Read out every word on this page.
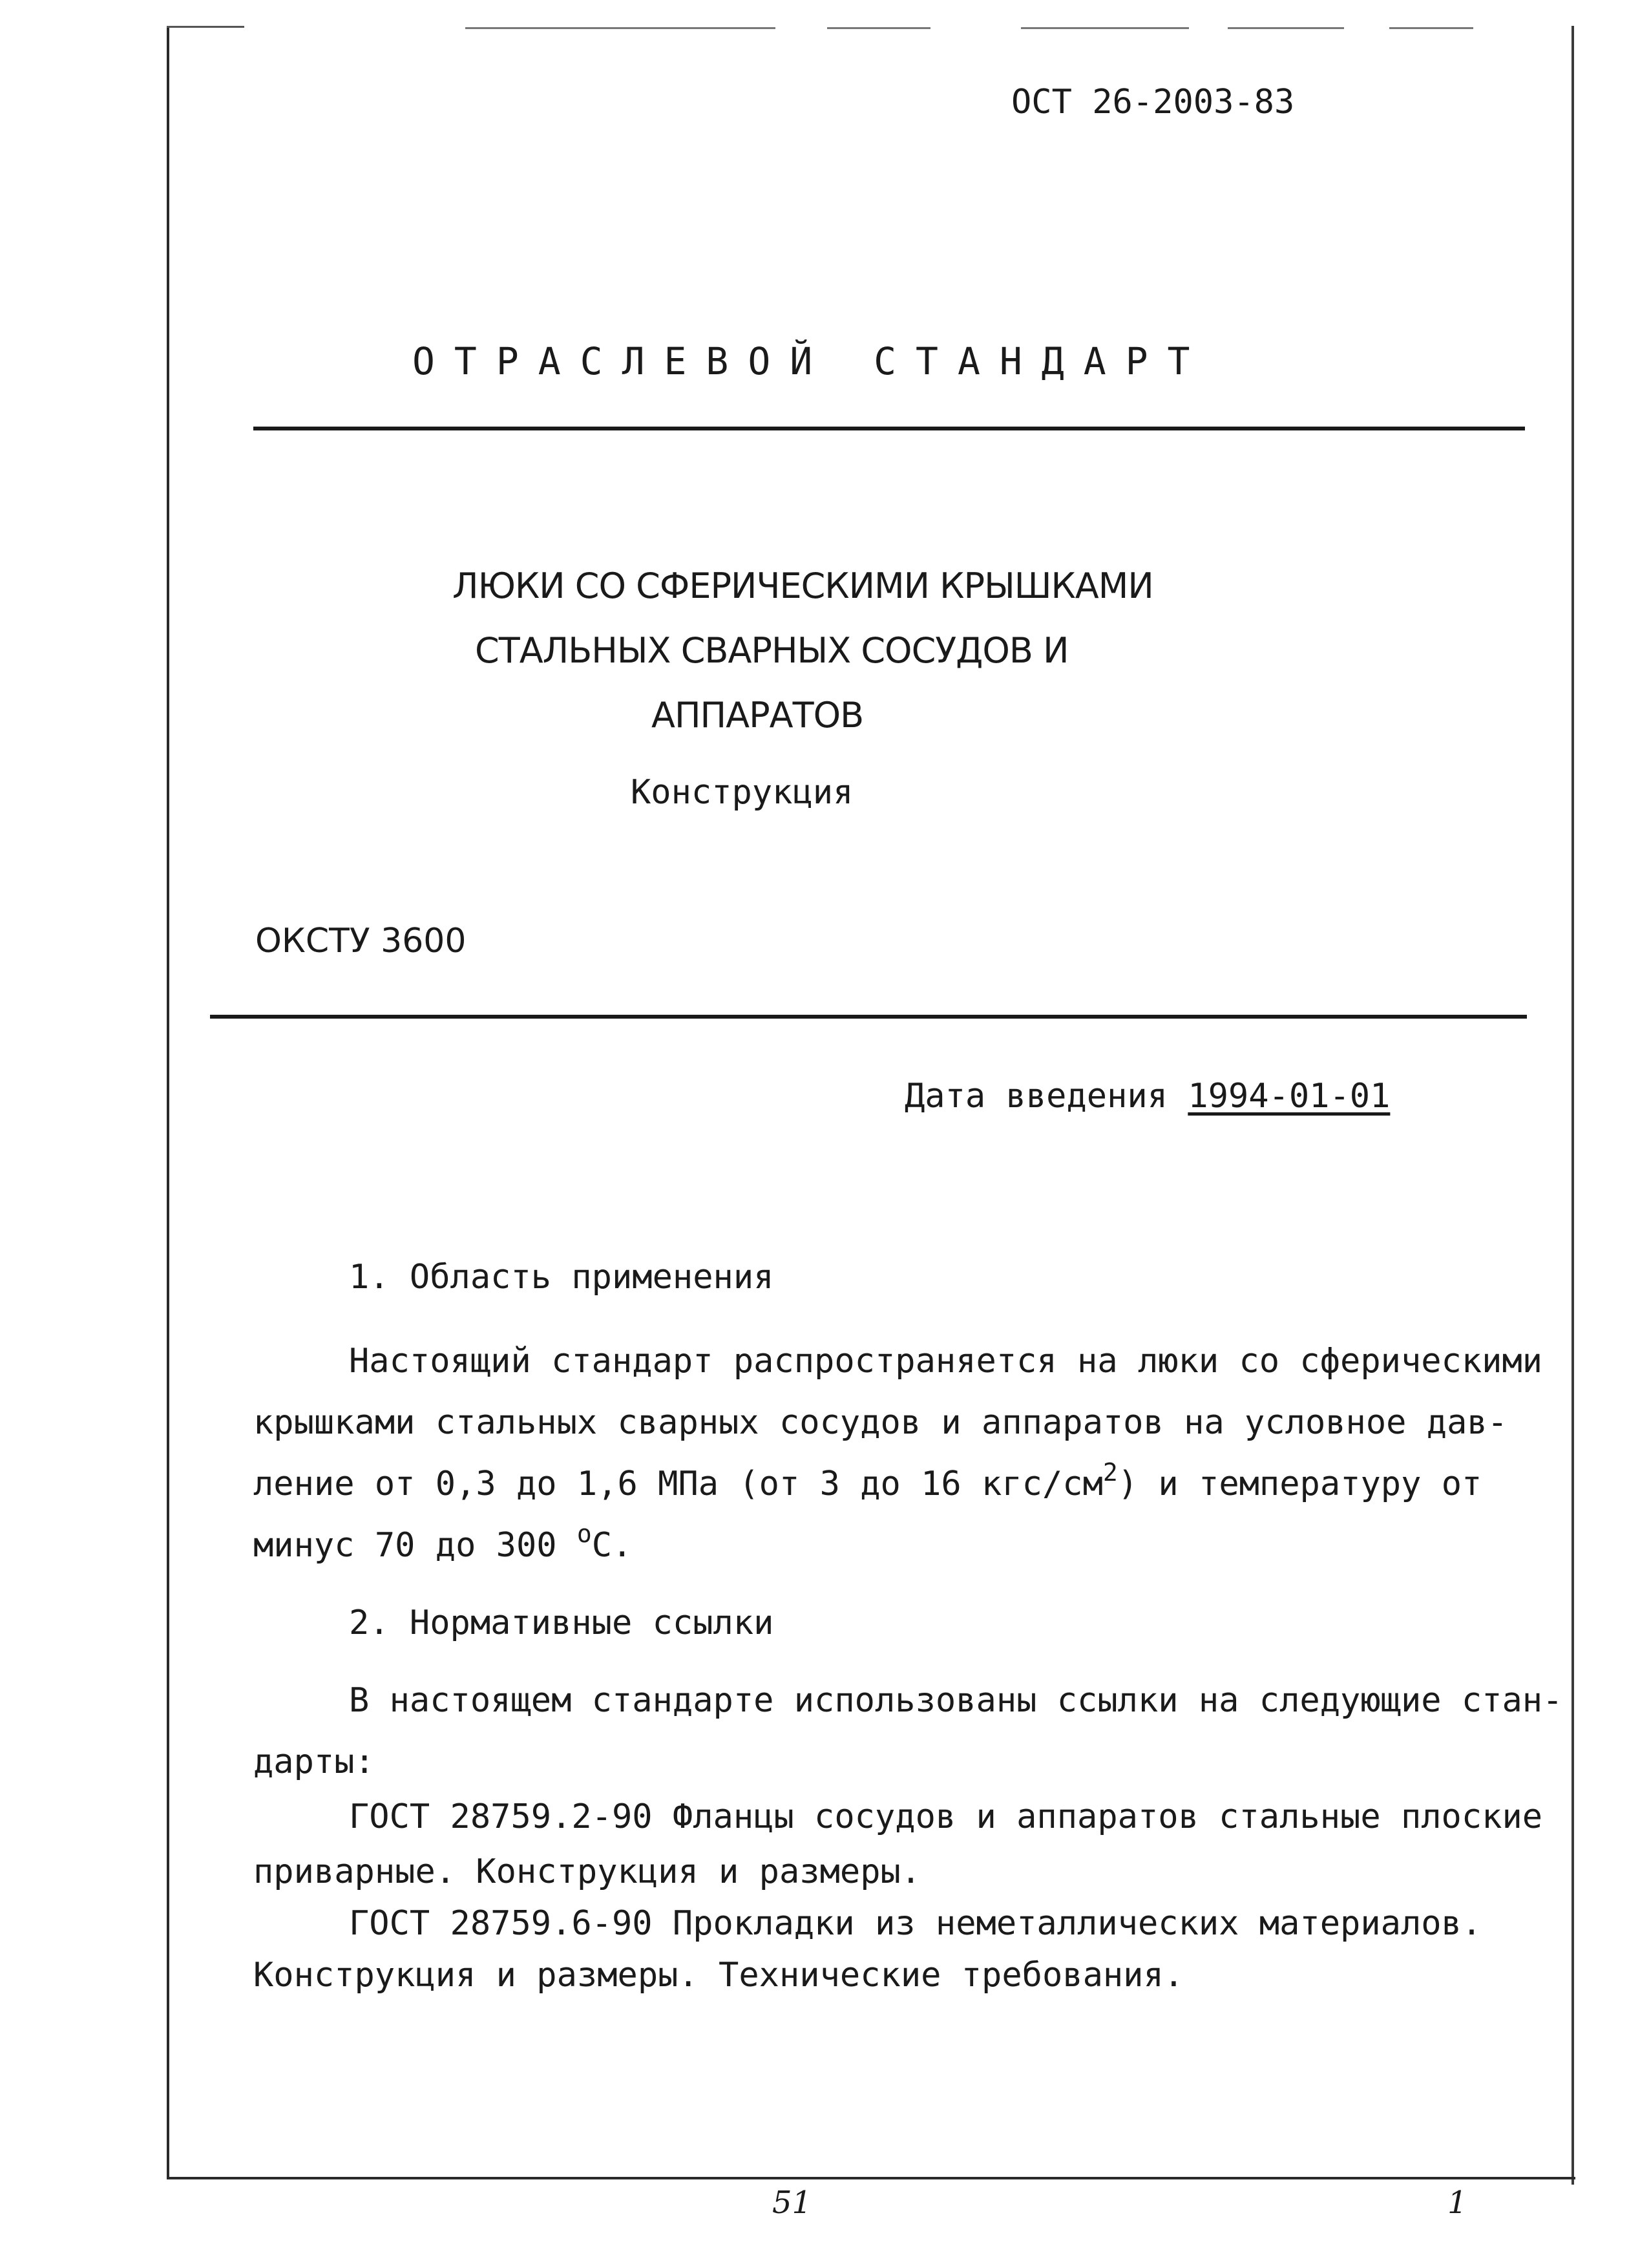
ОСТ 26-2003-83
ОТРАСЛЕВОЙ СТАНДАРТ
ЛЮКИ СО СФЕРИЧЕСКИМИ КРЫШКАМИ
СТАЛЬНЫХ СВАРНЫХ СОСУДОВ И
АППАРАТОВ
Конструкция
ОКСТУ 3600
Дата введения 1994-01-01
1. Область применения
Настоящий стандарт распространяется на люки со сферическими
крышками стальных сварных сосудов и аппаратов на условное дав-
ление от 0,3 до 1,6 МПа (от 3 до 16 кгс/$см^2$) и температуру от
минус 70 до 300 $^о$С.
2. Нормативные ссылки
В настоящем стандарте использованы ссылки на следующие стан-
дарты:
ГОСТ 28759.2-90 Фланцы сосудов и аппаратов стальные плоские
приварные. Конструкция и размеры.
ГОСТ 28759.6-90 Прокладки из неметаллических материалов.
Конструкция и размеры. Технические требования.
51	1
